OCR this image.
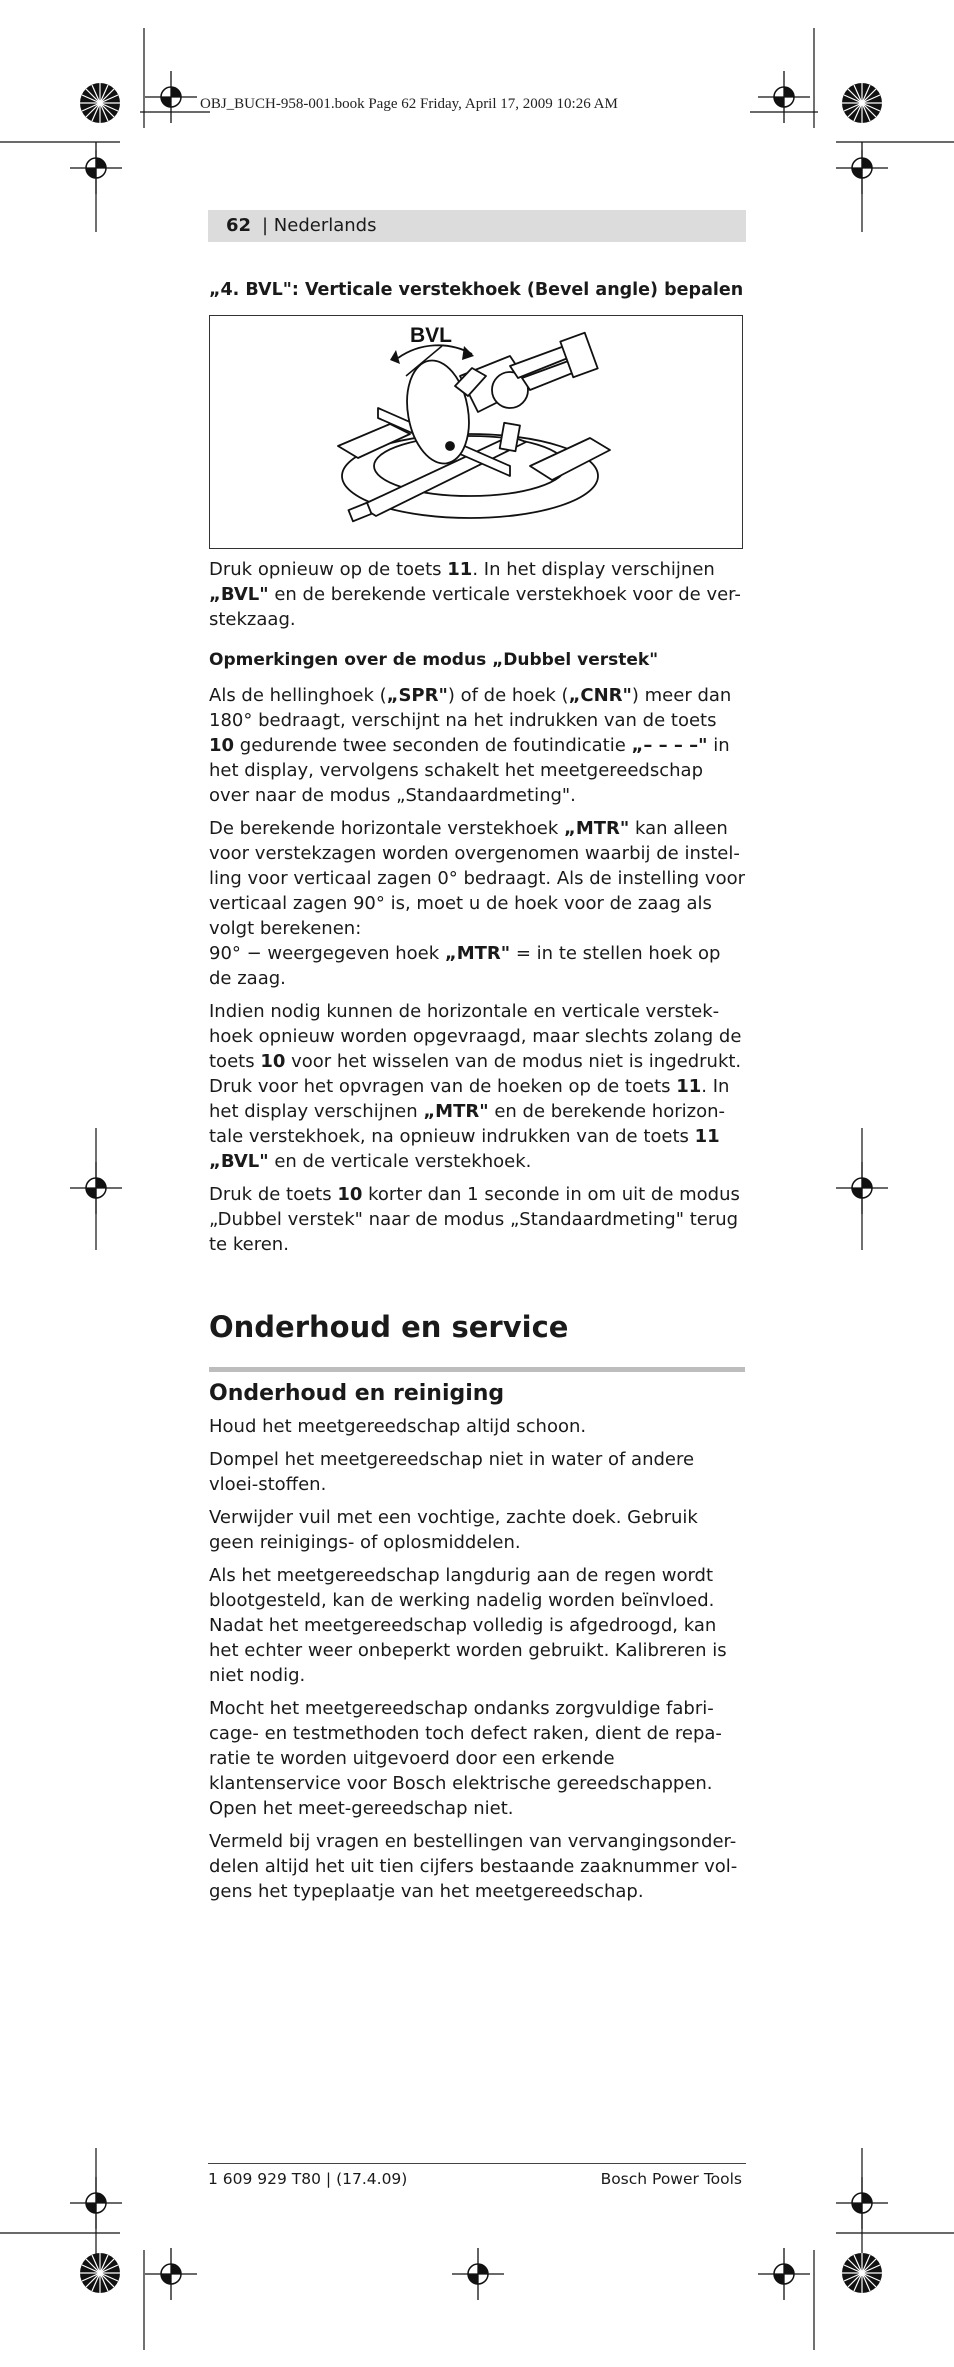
OBJ_BUCH-958-001.book Page 62 Friday, April 17, 2009 10:26 AM
62 | Nederlands
„4. BVL": Verticale verstekhoek (Bevel angle) bepalen
BVL

Druk opnieuw op de toets 11. In het display verschijnen „BVL" en de berekende verticale verstekhoek voor de ver-stekzaag.

Opmerkingen over de modus „Dubbel verstek"

Als de hellinghoek („SPR") of de hoek („CNR") meer dan 180° bedraagt, verschijnt na het indrukken van de toets 10 gedurende twee seconden de foutindicatie „– – – –" in het display, vervolgens schakelt het meetgereedschap over naar de modus „Standaardmeting".

De berekende horizontale verstekhoek „MTR" kan alleen voor verstekzagen worden overgenomen waarbij de instel-ling voor verticaal zagen 0° bedraagt. Als de instelling voor verticaal zagen 90° is, moet u de hoek voor de zaag als volgt berekenen:
90° − weergegeven hoek „MTR" = in te stellen hoek op de zaag.

Indien nodig kunnen de horizontale en verticale verstek-hoek opnieuw worden opgevraagd, maar slechts zolang de toets 10 voor het wisselen van de modus niet is ingedrukt. Druk voor het opvragen van de hoeken op de toets 11. In het display verschijnen „MTR" en de berekende horizon-tale verstekhoek, na opnieuw indrukken van de toets 11 „BVL" en de verticale verstekhoek.

Druk de toets 10 korter dan 1 seconde in om uit de modus „Dubbel verstek" naar de modus „Standaardmeting" terug te keren.

Onderhoud en service
Onderhoud en reiniging

Houd het meetgereedschap altijd schoon.

Dompel het meetgereedschap niet in water of andere vloei-stoffen.

Verwijder vuil met een vochtige, zachte doek. Gebruik geen reinigings- of oplosmiddelen.

Als het meetgereedschap langdurig aan de regen wordt blootgesteld, kan de werking nadelig worden beïnvloed. Nadat het meetgereedschap volledig is afgedroogd, kan het echter weer onbeperkt worden gebruikt. Kalibreren is niet nodig.

Mocht het meetgereedschap ondanks zorgvuldige fabri-cage- en testmethoden toch defect raken, dient de repa-ratie te worden uitgevoerd door een erkende klantenservice voor Bosch elektrische gereedschappen. Open het meet-gereedschap niet.

Vermeld bij vragen en bestellingen van vervangingsonder-delen altijd het uit tien cijfers bestaande zaaknummer vol-gens het typeplaatje van het meetgereedschap.

1 609 929 T80 | (17.4.09)	Bosch Power Tools
